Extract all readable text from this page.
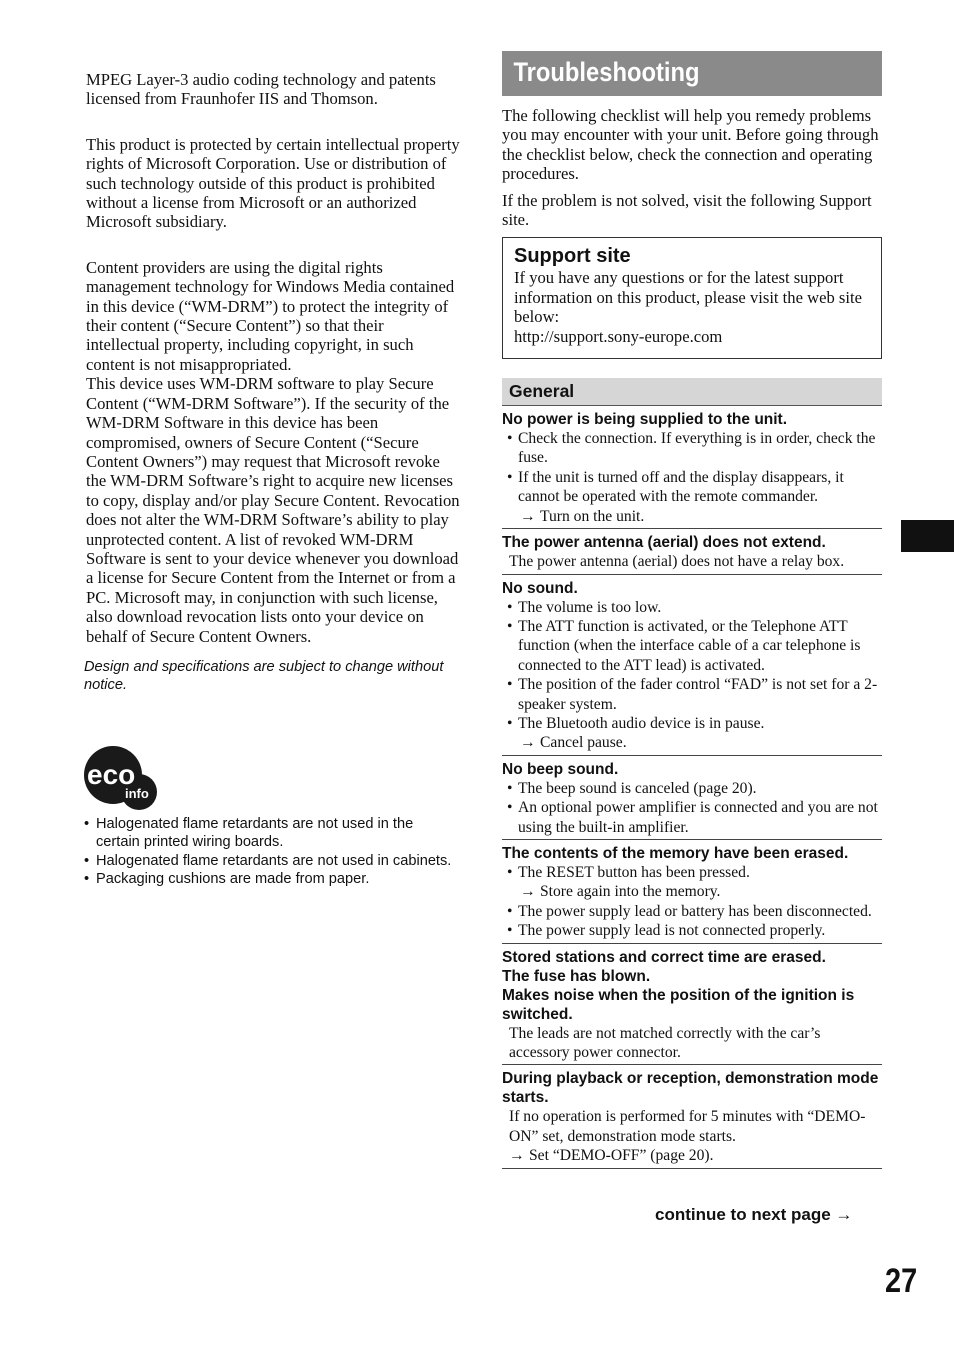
MPEG Layer-3 audio coding technology and patents licensed from Fraunhofer IIS and Thomson.

This product is protected by certain intellectual property rights of Microsoft Corporation. Use or distribution of such technology outside of this product is prohibited without a license from Microsoft or an authorized Microsoft subsidiary.

Content providers are using the digital rights management technology for Windows Media contained in this device (“WM-DRM”) to protect the integrity of their content (“Secure Content”) so that their intellectual property, including copyright, in such content is not misappropriated.

This device uses WM-DRM software to play Secure Content (“WM-DRM Software”). If the security of the WM-DRM Software in this device has been compromised, owners of Secure Content (“Secure Content Owners”) may request that Microsoft revoke the WM-DRM Software’s right to acquire new licenses to copy, display and/or play Secure Content. Revocation does not alter the WM-DRM Software’s ability to play unprotected content. A list of revoked WM-DRM Software is sent to your device whenever you download a license for Secure Content from the Internet or from a PC. Microsoft may, in conjunction with such license, also download revocation lists onto your device on behalf of Secure Content Owners.

Design and specifications are subject to change without notice.

eco
info
• Halogenated flame retardants are not used in the certain printed wiring boards.
• Halogenated flame retardants are not used in cabinets.
• Packaging cushions are made from paper.
Troubleshooting

The following checklist will help you remedy problems you may encounter with your unit. Before going through the checklist below, check the connection and operating procedures.

If the problem is not solved, visit the following Support site.

Support site

If you have any questions or for the latest support information on this product, please visit the web site below:
http://support.sony-europe.com

General
No power is being supplied to the unit.
• Check the connection. If everything is in order, check the fuse.
• If the unit is turned off and the display disappears, it cannot be operated with the remote commander.
→ Turn on the unit.
The power antenna (aerial) does not extend.
The power antenna (aerial) does not have a relay box.
No sound.
• The volume is too low.
• The ATT function is activated, or the Telephone ATT function (when the interface cable of a car telephone is connected to the ATT lead) is activated.
• The position of the fader control “FAD” is not set for a 2-speaker system.
• The Bluetooth audio device is in pause.
→ Cancel pause.
No beep sound.
• The beep sound is canceled (page 20).
• An optional power amplifier is connected and you are not using the built-in amplifier.
The contents of the memory have been erased.
• The RESET button has been pressed.
→ Store again into the memory.
• The power supply lead or battery has been disconnected.
• The power supply lead is not connected properly.
Stored stations and correct time are erased.
The fuse has blown.
Makes noise when the position of the ignition is switched.
The leads are not matched correctly with the car’s accessory power connector.
During playback or reception, demonstration mode starts.
If no operation is performed for 5 minutes with “DEMO-ON” set, demonstration mode starts.
→ Set “DEMO-OFF” (page 20).
continue to next page →
27
